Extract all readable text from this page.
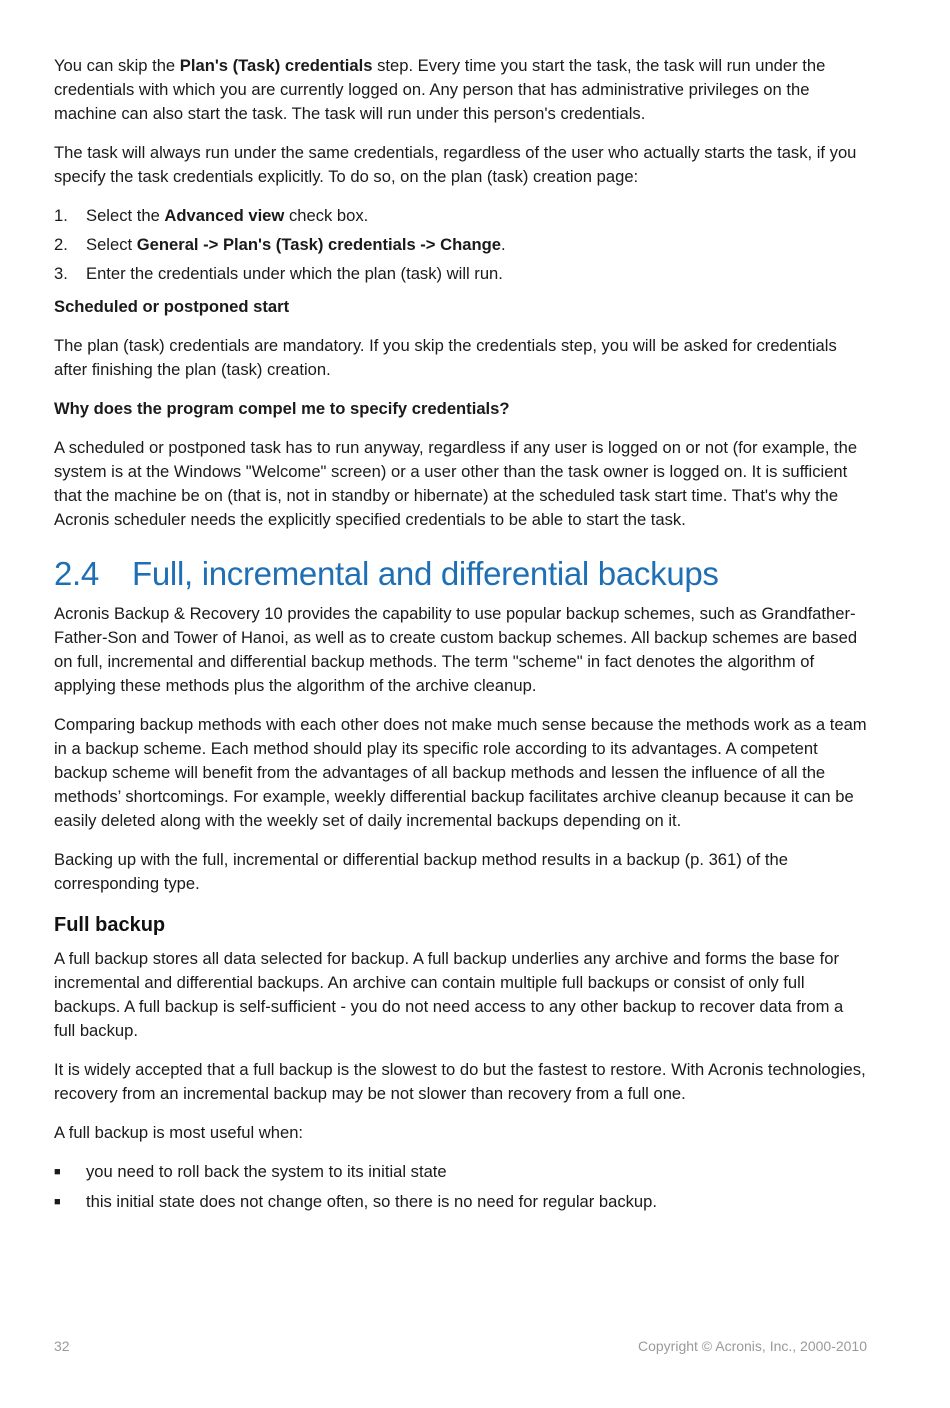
You can skip the Plan's (Task) credentials step. Every time you start the task, the task will run under the credentials with which you are currently logged on. Any person that has administrative privileges on the machine can also start the task. The task will run under this person's credentials.

The task will always run under the same credentials, regardless of the user who actually starts the task, if you specify the task credentials explicitly. To do so, on the plan (task) creation page:

1.	Select the Advanced view check box.
2.	Select General -> Plan's (Task) credentials -> Change.
3.	Enter the credentials under which the plan (task) will run.
Scheduled or postponed start

The plan (task) credentials are mandatory. If you skip the credentials step, you will be asked for credentials after finishing the plan (task) creation.

Why does the program compel me to specify credentials?

A scheduled or postponed task has to run anyway, regardless if any user is logged on or not (for example, the system is at the Windows "Welcome" screen) or a user other than the task owner is logged on. It is sufficient that the machine be on (that is, not in standby or hibernate) at the scheduled task start time. That's why the Acronis scheduler needs the explicitly specified credentials to be able to start the task.

2.4 Full, incremental and differential backups

Acronis Backup & Recovery 10 provides the capability to use popular backup schemes, such as Grandfather-Father-Son and Tower of Hanoi, as well as to create custom backup schemes. All backup schemes are based on full, incremental and differential backup methods. The term "scheme" in fact denotes the algorithm of applying these methods plus the algorithm of the archive cleanup.

Comparing backup methods with each other does not make much sense because the methods work as a team in a backup scheme. Each method should play its specific role according to its advantages. A competent backup scheme will benefit from the advantages of all backup methods and lessen the influence of all the methods’ shortcomings. For example, weekly differential backup facilitates archive cleanup because it can be easily deleted along with the weekly set of daily incremental backups depending on it.

Backing up with the full, incremental or differential backup method results in a backup (p. 361) of the corresponding type.

Full backup

A full backup stores all data selected for backup. A full backup underlies any archive and forms the base for incremental and differential backups. An archive can contain multiple full backups or consist of only full backups. A full backup is self-sufficient - you do not need access to any other backup to recover data from a full backup.

It is widely accepted that a full backup is the slowest to do but the fastest to restore. With Acronis technologies, recovery from an incremental backup may be not slower than recovery from a full one.

A full backup is most useful when:

■	you need to roll back the system to its initial state
■	this initial state does not change often, so there is no need for regular backup.
32	Copyright © Acronis, Inc., 2000-2010
